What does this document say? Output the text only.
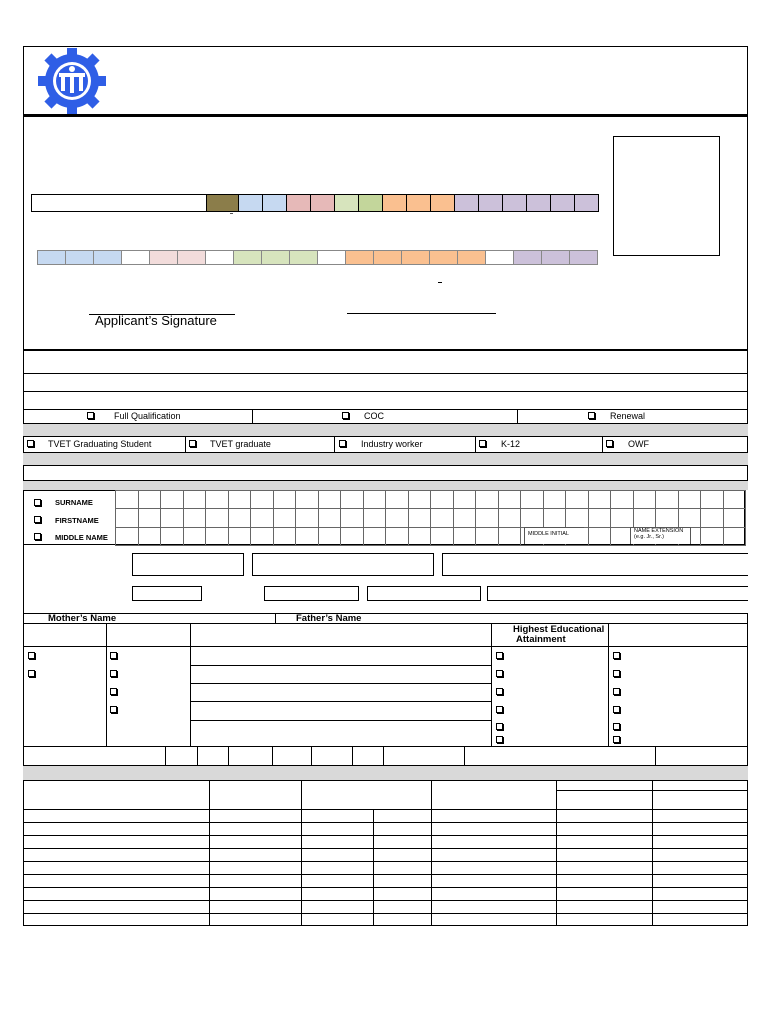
Applicant’s Signature
Full Qualification	COC	Renewal
TVET Graduating Student	TVET graduate	Industry worker	K-12	OWF
SURNAME
FIRSTNAME
MIDDLE NAME	MIDDLE INITIAL	NAME EXTENSION
(e.g. Jr., Sr.)
Mother’s Name	Father’s Name
Highest Educational
Attainment
